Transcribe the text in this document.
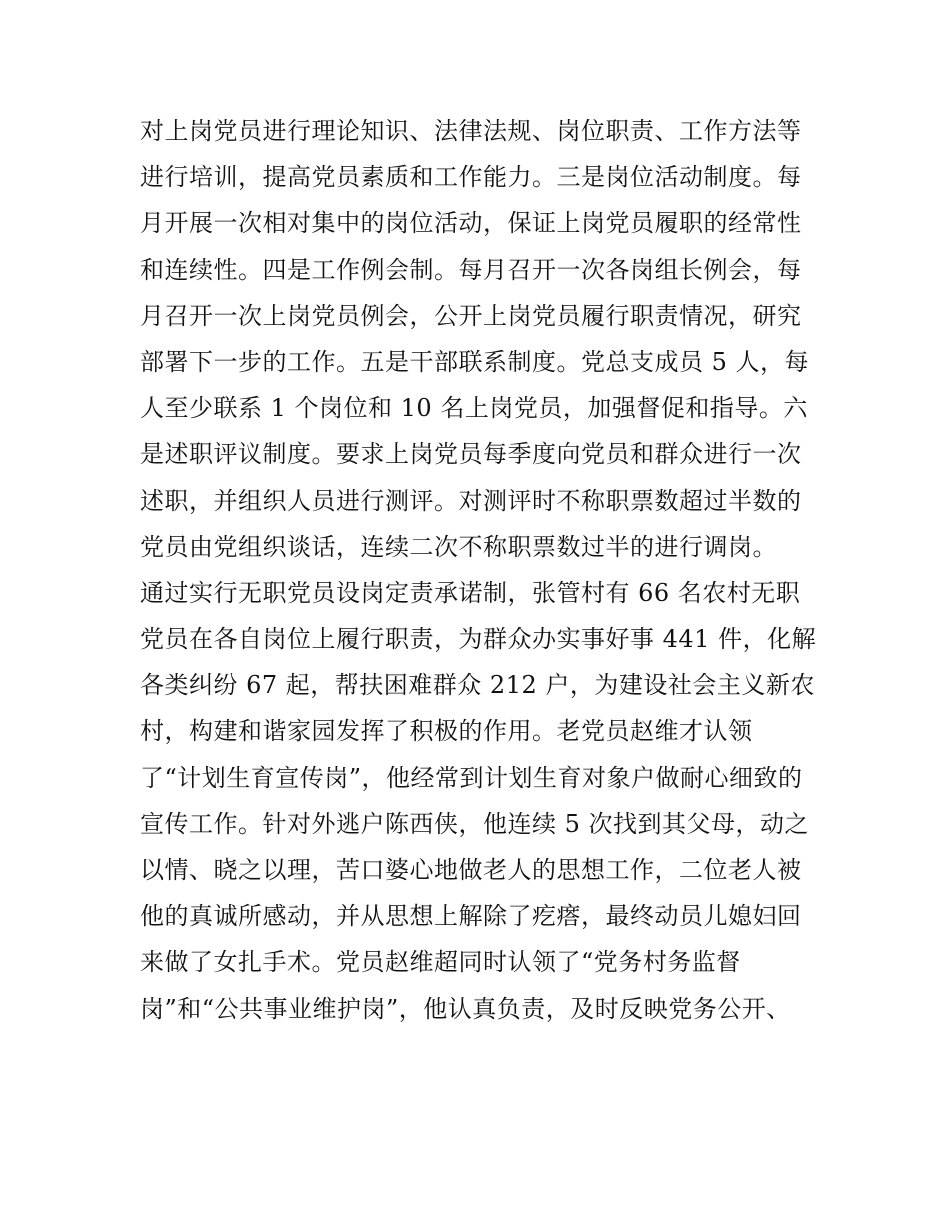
对上岗党员进行理论知识、法律法规、岗位职责、工作方法等
进行培训，提高党员素质和工作能力。三是岗位活动制度。每
月开展一次相对集中的岗位活动，保证上岗党员履职的经常性
和连续性。四是工作例会制。每月召开一次各岗组长例会，每
月召开一次上岗党员例会，公开上岗党员履行职责情况，研究
部署下一步的工作。五是干部联系制度。党总支成员 5 人，每
人至少联系 1 个岗位和 10 名上岗党员，加强督促和指导。六
是述职评议制度。要求上岗党员每季度向党员和群众进行一次
述职，并组织人员进行测评。对测评时不称职票数超过半数的
党员由党组织谈话，连续二次不称职票数过半的进行调岗。
通过实行无职党员设岗定责承诺制，张管村有 66 名农村无职
党员在各自岗位上履行职责，为群众办实事好事 441 件，化解
各类纠纷 67 起，帮扶困难群众 212 户，为建设社会主义新农
村，构建和谐家园发挥了积极的作用。老党员赵维才认领
了“计划生育宣传岗”，他经常到计划生育对象户做耐心细致的
宣传工作。针对外逃户陈西侠，他连续 5 次找到其父母，动之
以情、晓之以理，苦口婆心地做老人的思想工作，二位老人被
他的真诚所感动，并从思想上解除了疙瘩，最终动员儿媳妇回
来做了女扎手术。党员赵维超同时认领了“党务村务监督
岗”和“公共事业维护岗”，他认真负责，及时反映党务公开、
